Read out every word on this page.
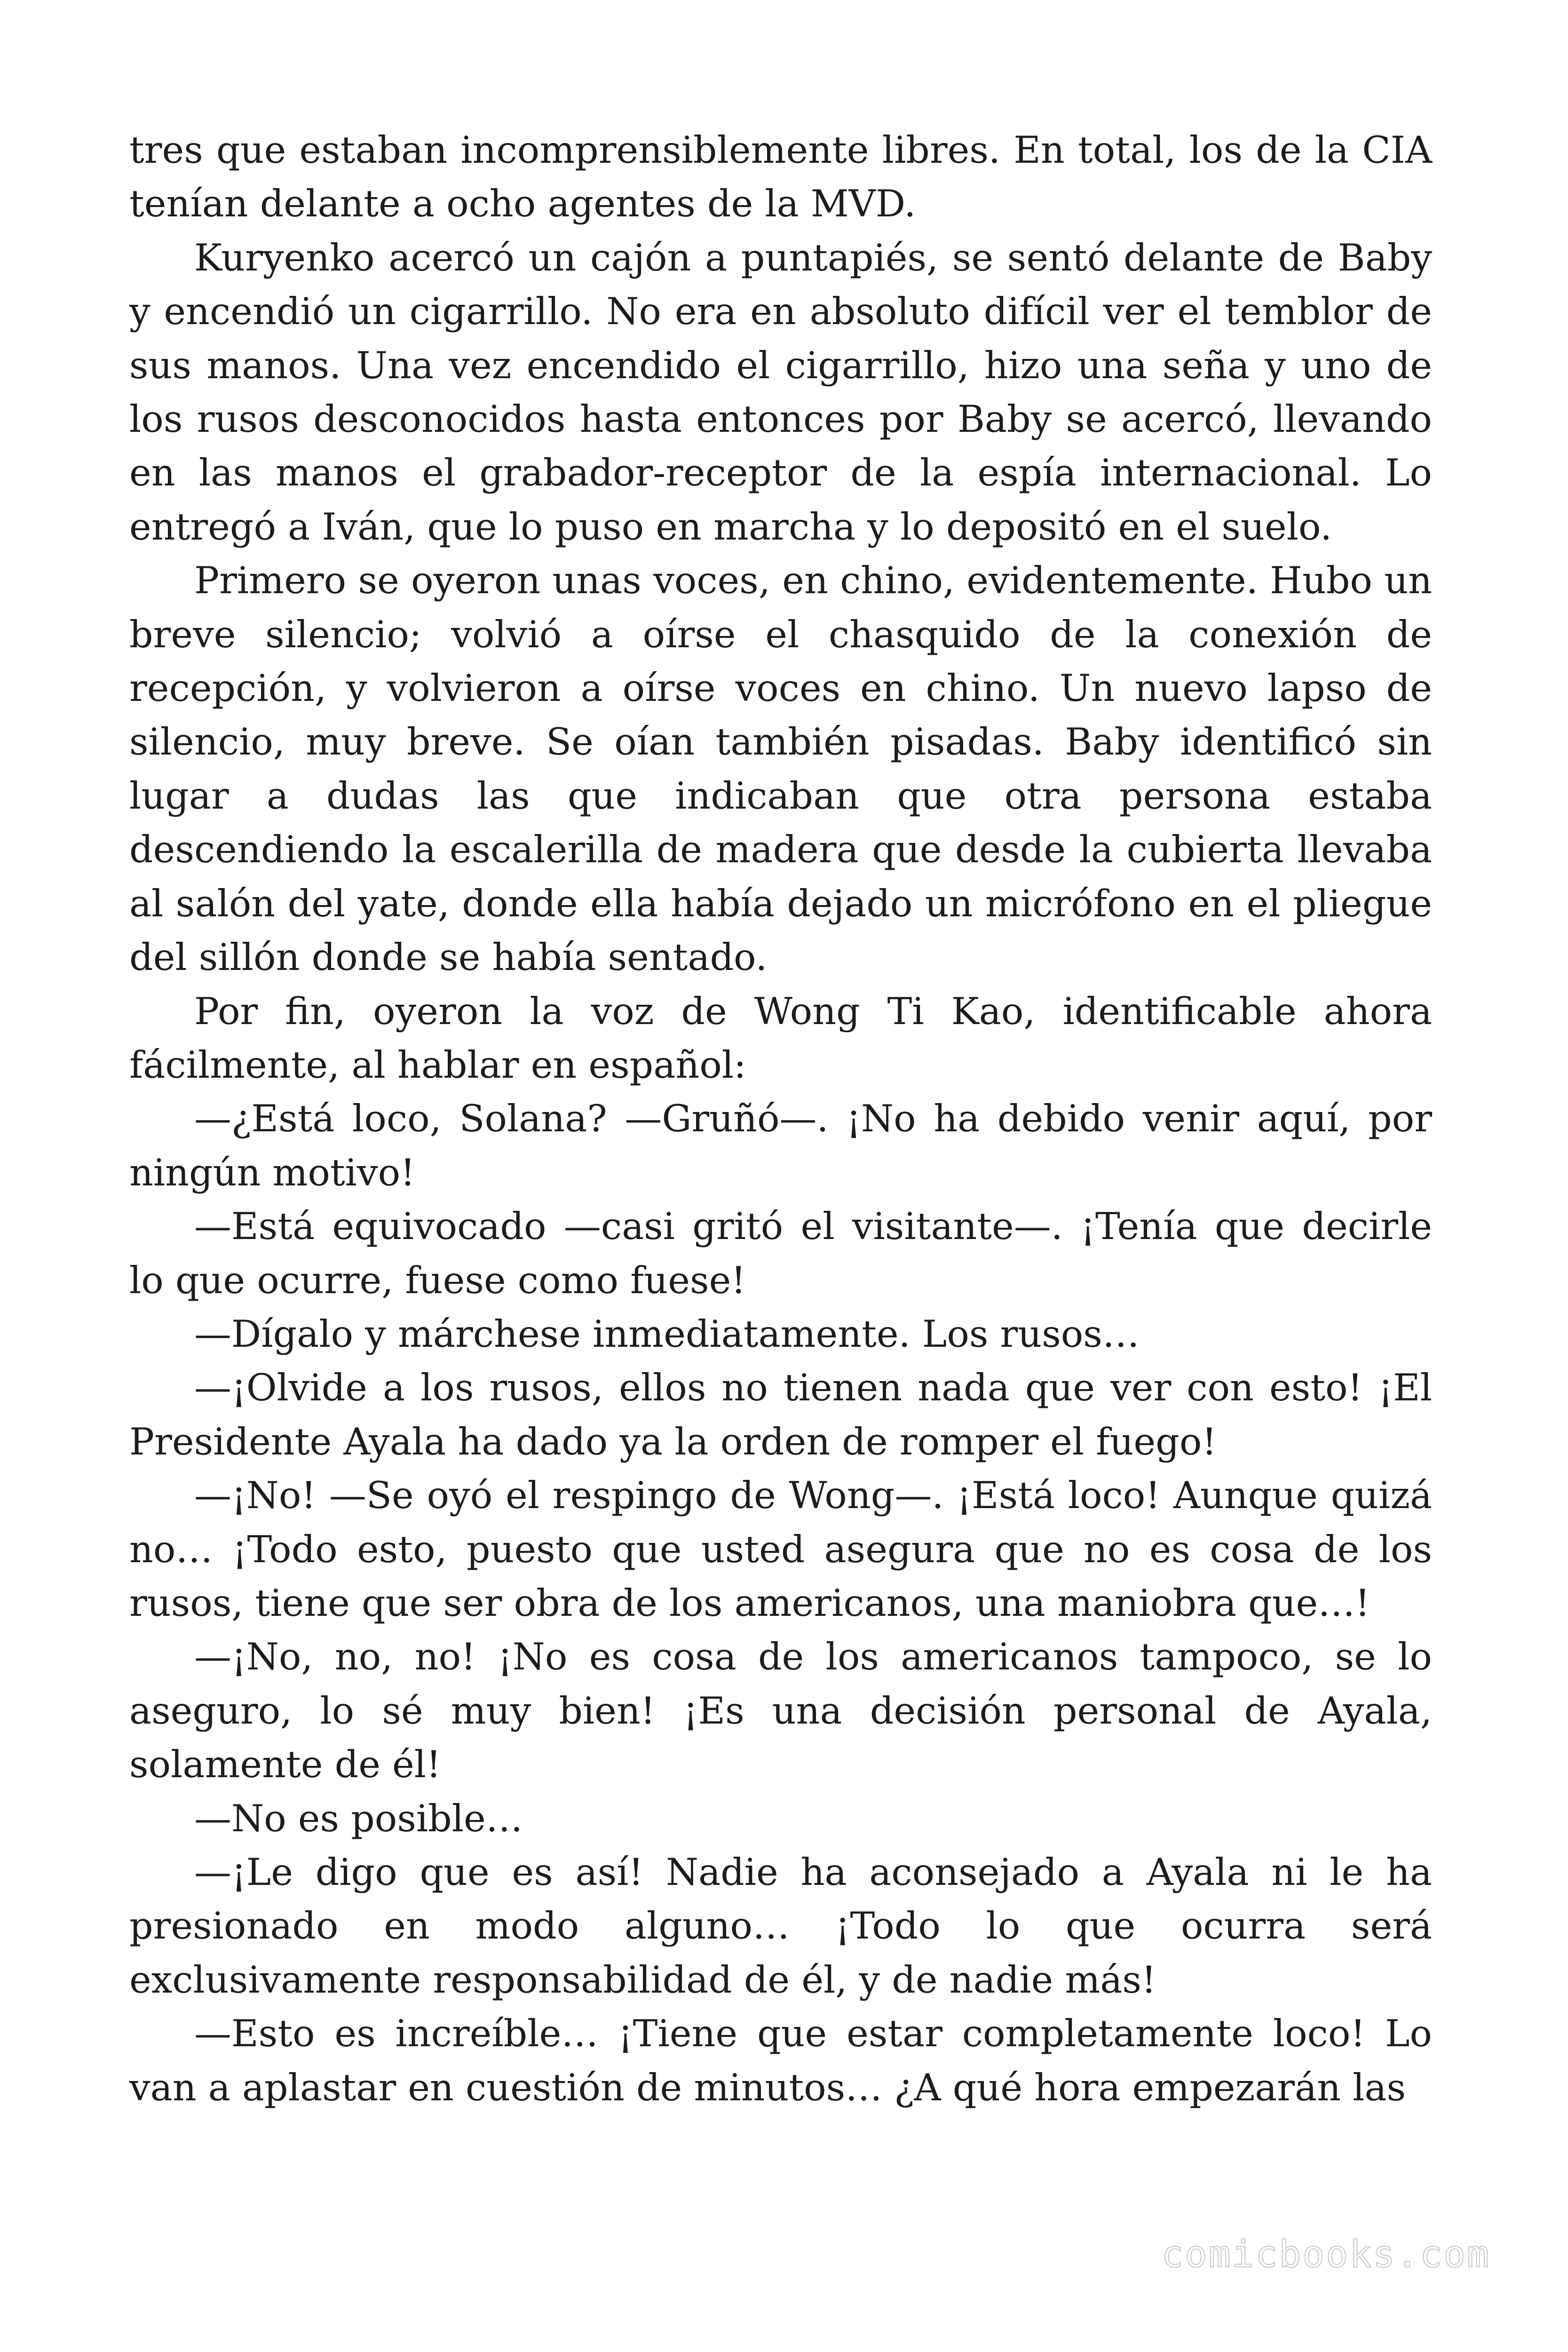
tres que estaban incomprensiblemente libres. En total, los de la CIA tenían delante a ocho agentes de la MVD.

Kuryenko acercó un cajón a puntapiés, se sentó delante de Baby y encendió un cigarrillo. No era en absoluto difícil ver el temblor de sus manos. Una vez encendido el cigarrillo, hizo una seña y uno de los rusos desconocidos hasta entonces por Baby se acercó, llevando en las manos el grabador-receptor de la espía internacional. Lo entregó a Iván, que lo puso en marcha y lo depositó en el suelo.

Primero se oyeron unas voces, en chino, evidentemente. Hubo un breve silencio; volvió a oírse el chasquido de la conexión de recepción, y volvieron a oírse voces en chino. Un nuevo lapso de silencio, muy breve. Se oían también pisadas. Baby identificó sin lugar a dudas las que indicaban que otra persona estaba descendiendo la escalerilla de madera que desde la cubierta llevaba al salón del yate, donde ella había dejado un micrófono en el pliegue del sillón donde se había sentado.

Por fin, oyeron la voz de Wong Ti Kao, identificable ahora fácilmente, al hablar en español:

—¿Está loco, Solana? —Gruñó—. ¡No ha debido venir aquí, por ningún motivo!

—Está equivocado —casi gritó el visitante—. ¡Tenía que decirle lo que ocurre, fuese como fuese!

—Dígalo y márchese inmediatamente. Los rusos…

—¡Olvide a los rusos, ellos no tienen nada que ver con esto! ¡El Presidente Ayala ha dado ya la orden de romper el fuego!

—¡No! —Se oyó el respingo de Wong—. ¡Está loco! Aunque quizá no… ¡Todo esto, puesto que usted asegura que no es cosa de los rusos, tiene que ser obra de los americanos, una maniobra que…!

—¡No, no, no! ¡No es cosa de los americanos tampoco, se lo aseguro, lo sé muy bien! ¡Es una decisión personal de Ayala, solamente de él!

—No es posible…

—¡Le digo que es así! Nadie ha aconsejado a Ayala ni le ha presionado en modo alguno… ¡Todo lo que ocurra será exclusivamente responsabilidad de él, y de nadie más!

—Esto es increíble… ¡Tiene que estar completamente loco! Lo van a aplastar en cuestión de minutos… ¿A qué hora empezarán las

comicbooks.com
